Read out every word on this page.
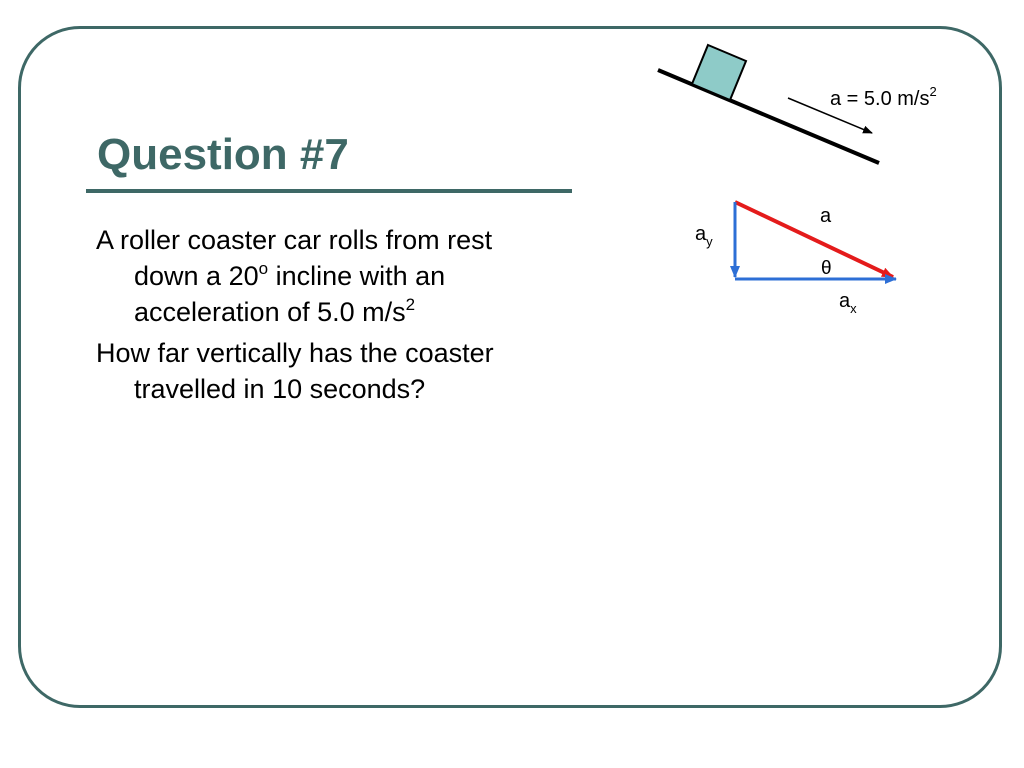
Question #7
A roller coaster car rolls from rest down a 20$^o$ incline with an acceleration of 5.0 $m/s^2$
How far vertically has the coaster travelled in 10 seconds?
a = 5.0 $m/s^2$
a
$a_y$
θ
$a_x$
